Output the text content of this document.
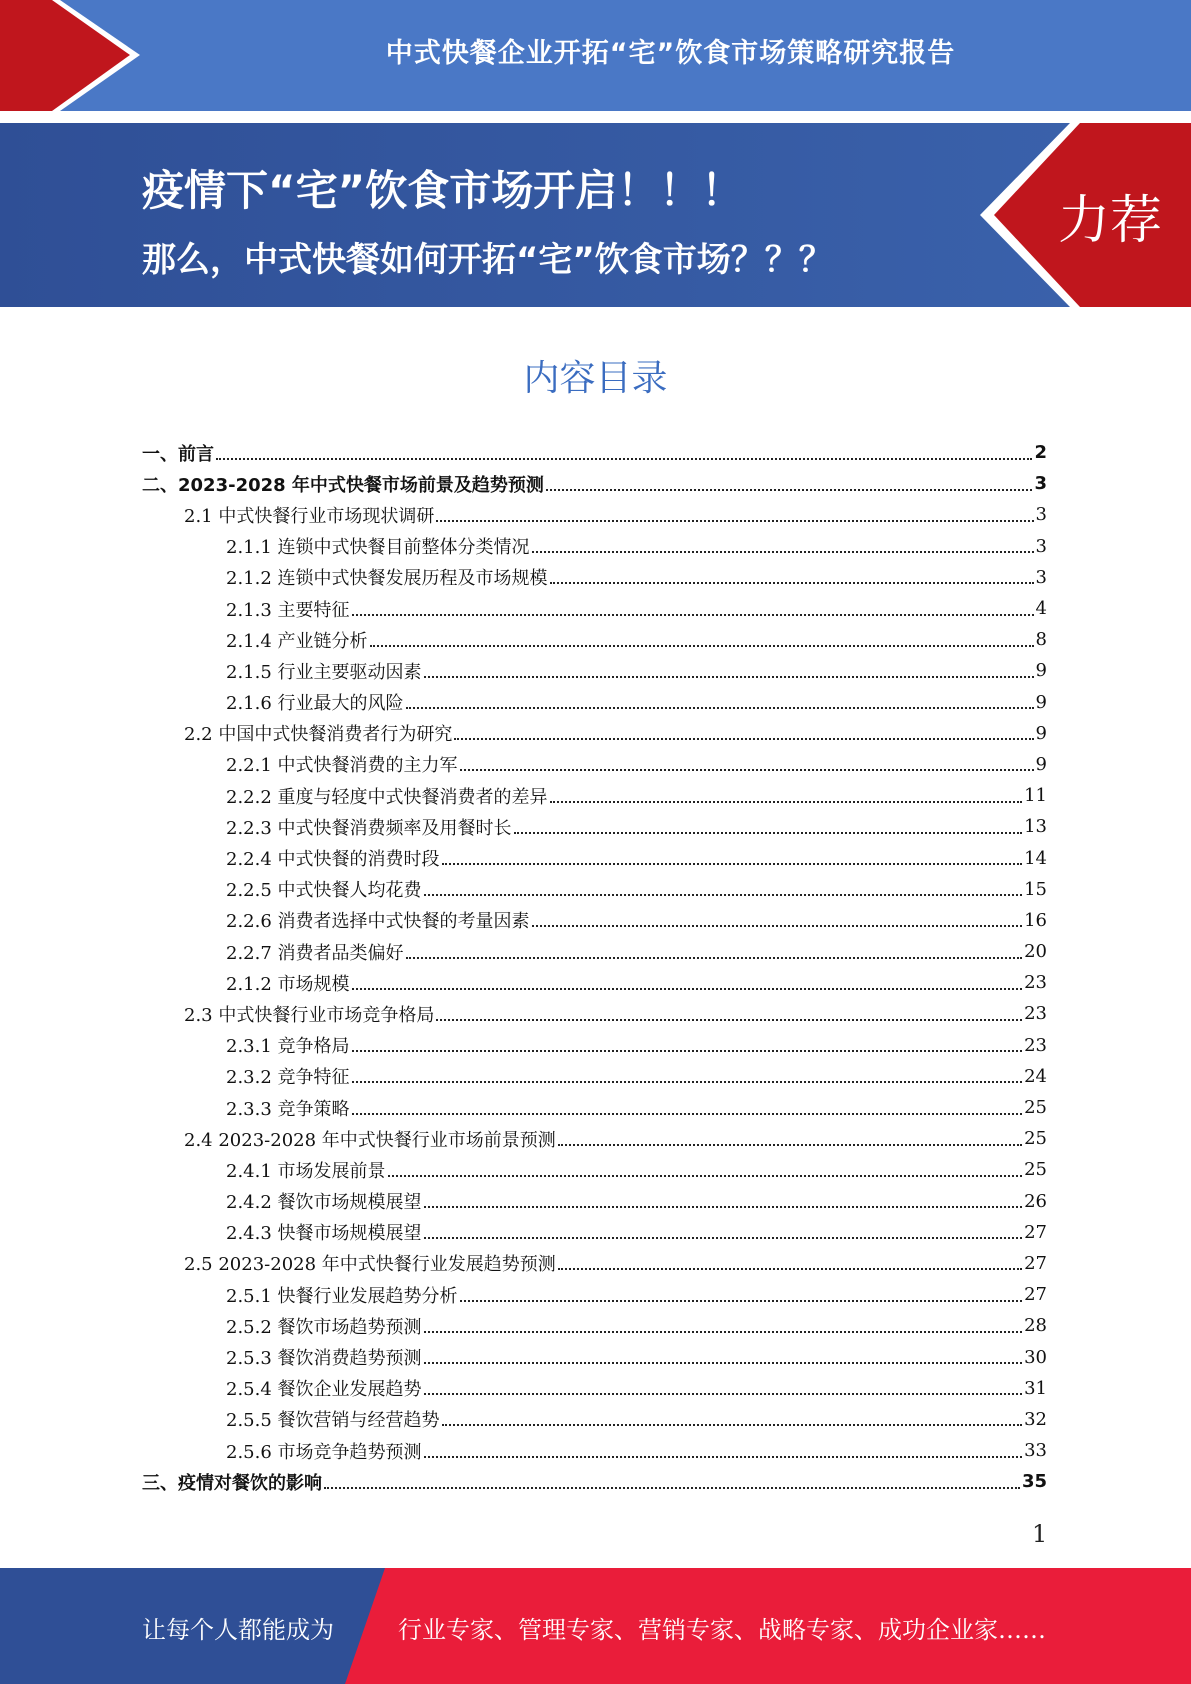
中式快餐企业开拓“宅”饮食市场策略研究报告
疫情下“宅”饮食市场开启！！！
那么，中式快餐如何开拓“宅”饮食市场？？？
力荐
内容目录
一、前言	2
二、2023-2028 年中式快餐市场前景及趋势预测	3
2.1 中式快餐行业市场现状调研	3
2.1.1 连锁中式快餐目前整体分类情况	3
2.1.2 连锁中式快餐发展历程及市场规模	3
2.1.3 主要特征	4
2.1.4 产业链分析	8
2.1.5 行业主要驱动因素	9
2.1.6 行业最大的风险	9
2.2 中国中式快餐消费者行为研究	9
2.2.1 中式快餐消费的主力军	9
2.2.2 重度与轻度中式快餐消费者的差异	11
2.2.3 中式快餐消费频率及用餐时长	13
2.2.4 中式快餐的消费时段	14
2.2.5 中式快餐人均花费	15
2.2.6 消费者选择中式快餐的考量因素	16
2.2.7 消费者品类偏好	20
2.1.2 市场规模	23
2.3 中式快餐行业市场竞争格局	23
2.3.1 竞争格局	23
2.3.2 竞争特征	24
2.3.3 竞争策略	25
2.4 2023-2028 年中式快餐行业市场前景预测	25
2.4.1 市场发展前景	25
2.4.2 餐饮市场规模展望	26
2.4.3 快餐市场规模展望	27
2.5 2023-2028 年中式快餐行业发展趋势预测	27
2.5.1 快餐行业发展趋势分析	27
2.5.2 餐饮市场趋势预测	28
2.5.3 餐饮消费趋势预测	30
2.5.4 餐饮企业发展趋势	31
2.5.5 餐饮营销与经营趋势	32
2.5.6 市场竞争趋势预测	33
三、疫情对餐饮的影响	35
1
让每个人都能成为	行业专家、管理专家、营销专家、战略专家、成功企业家……
